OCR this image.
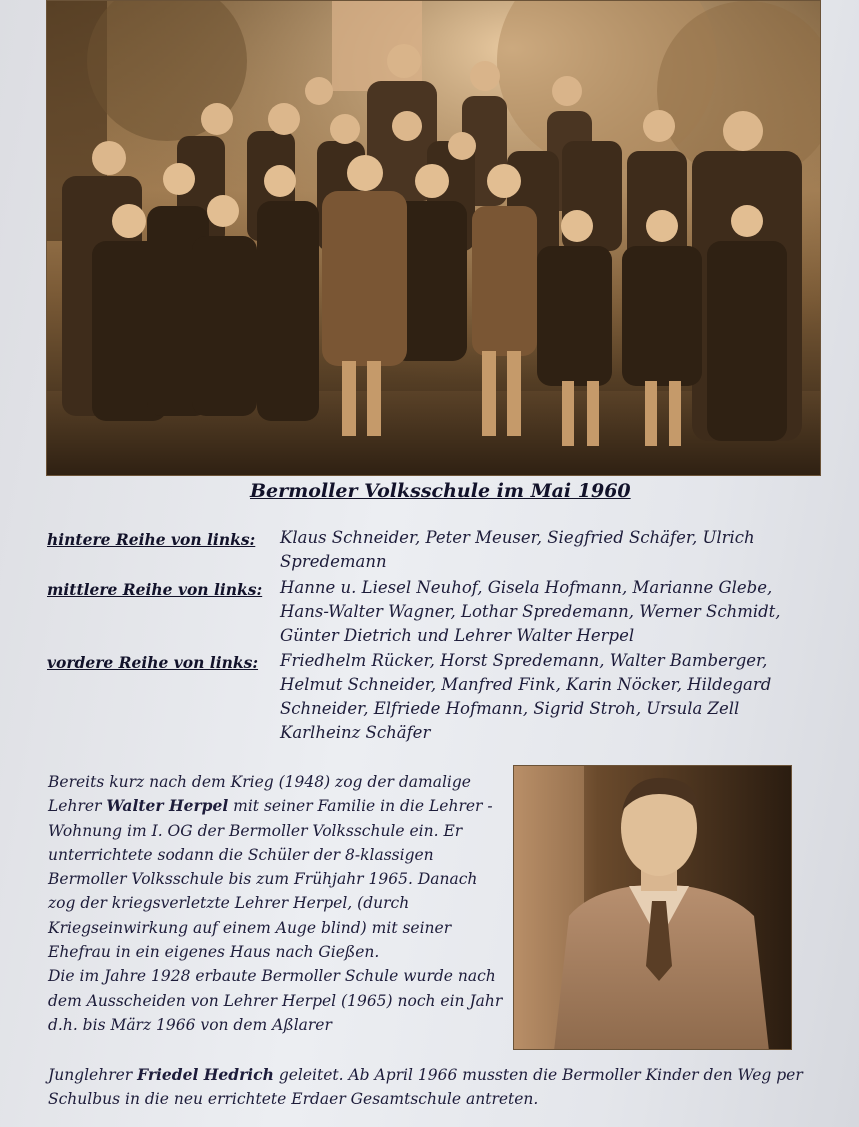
Bermoller Volksschule im Mai 1960
hintere Reihe von links: Klaus Schneider, Peter Meuser, Siegfried Schäfer, Ulrich Spredemann
mittlere Reihe von links: Hanne u. Liesel Neuhof, Gisela Hofmann, Marianne Glebe, Hans-Walter Wagner, Lothar Spredemann, Werner Schmidt, Günter Dietrich und Lehrer Walter Herpel
vordere Reihe von links: Friedhelm Rücker, Horst Spredemann, Walter Bamberger, Helmut Schneider, Manfred Fink, Karin Nöcker, Hildegard Schneider, Elfriede Hofmann, Sigrid Stroh, Ursula Zell Karlheinz Schäfer

Bereits kurz nach dem Krieg (1948) zog der damalige Lehrer Walter Herpel mit seiner Familie in die Lehrer - Wohnung im I. OG der Bermoller Volksschule ein. Er unterrichtete sodann die Schüler der 8-klassigen Bermoller Volksschule bis zum Frühjahr 1965. Danach zog der kriegsverletzte Lehrer Herpel, (durch Kriegseinwirkung auf einem Auge blind) mit seiner Ehefrau in ein eigenes Haus nach Gießen.

Die im Jahre 1928 erbaute Bermoller Schule wurde nach dem Ausscheiden von Lehrer Herpel (1965) noch ein Jahr d.h. bis März 1966 von dem Aßlarer

Junglehrer Friedel Hedrich geleitet. Ab April 1966 mussten die Bermoller Kinder den Weg per Schulbus in die neu errichtete Erdaer Gesamtschule antreten.
